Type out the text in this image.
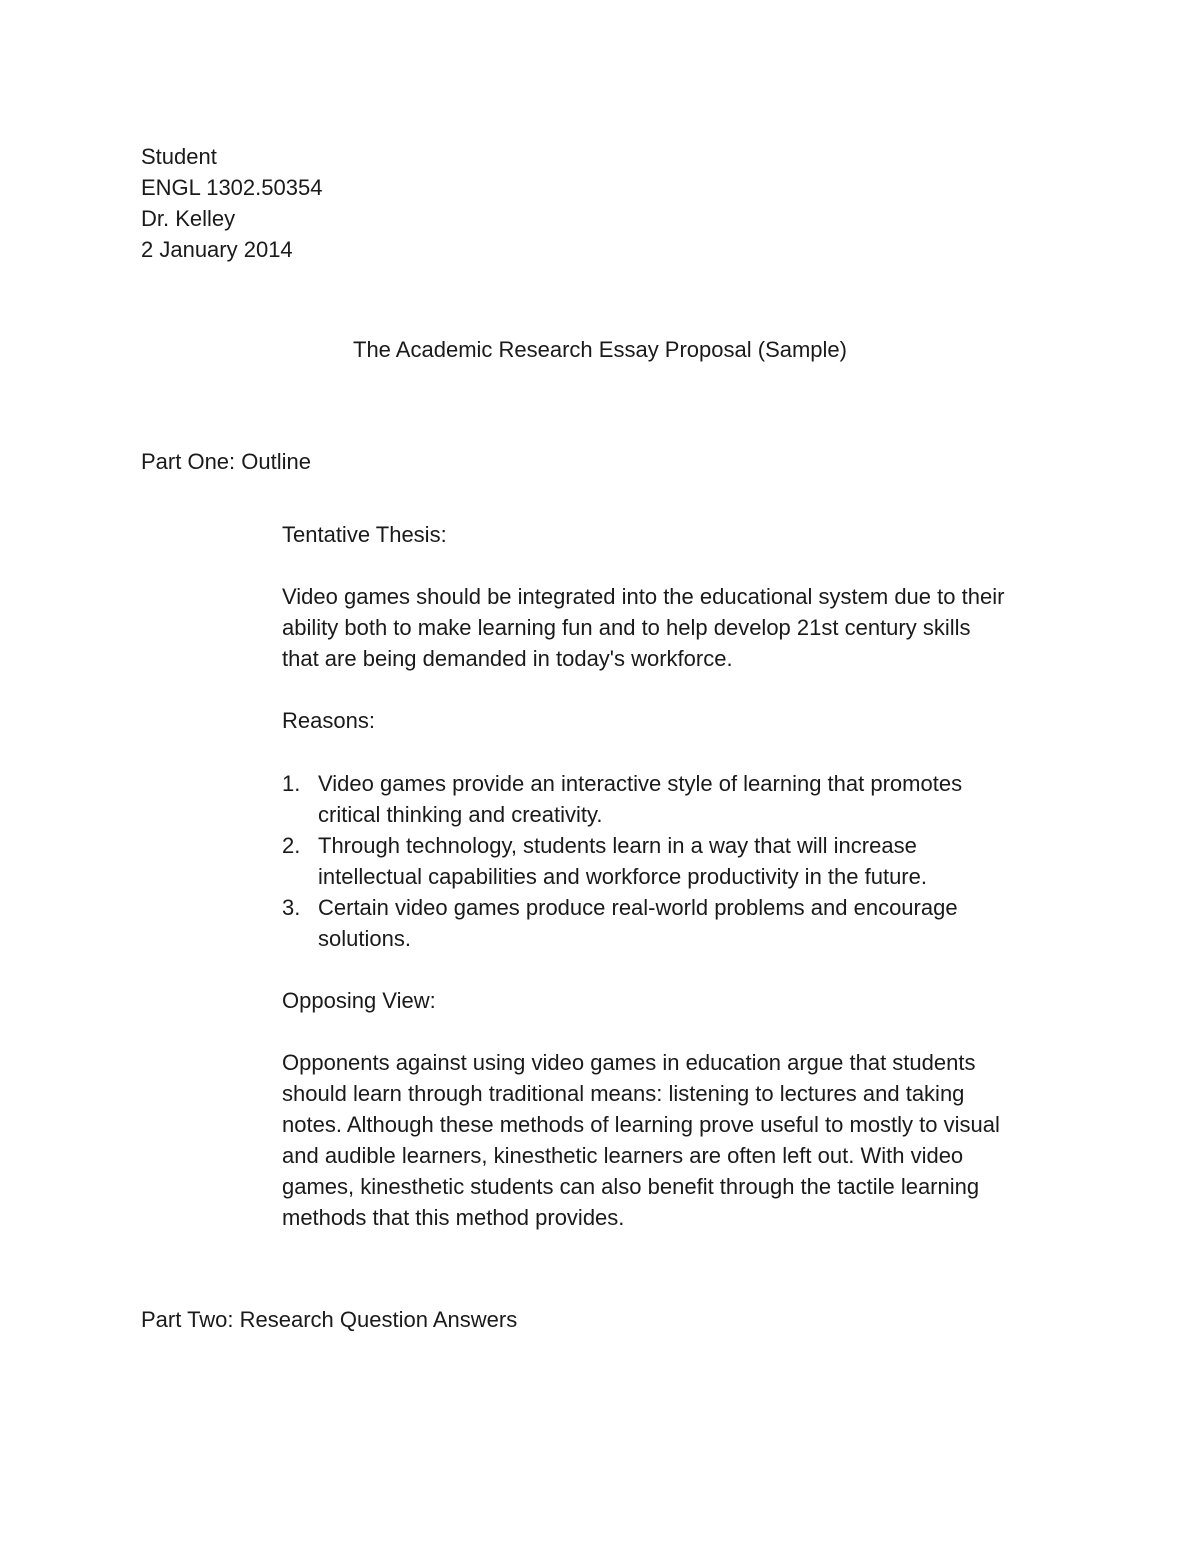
Student
ENGL 1302.50354
Dr. Kelley
2 January 2014
The Academic Research Essay Proposal (Sample)
Part One: Outline
Tentative Thesis:
Video games should be integrated into the educational system due to their
ability both to make learning fun and to help develop 21st century skills
that are being demanded in today's workforce.
Reasons:
1. Video games provide an interactive style of learning that promotes
critical thinking and creativity.
2. Through technology, students learn in a way that will increase
intellectual capabilities and workforce productivity in the future.
3. Certain video games produce real-world problems and encourage
solutions.
Opposing View:
Opponents against using video games in education argue that students
should learn through traditional means: listening to lectures and taking
notes. Although these methods of learning prove useful to mostly to visual
and audible learners, kinesthetic learners are often left out. With video
games, kinesthetic students can also benefit through the tactile learning
methods that this method provides.
Part Two: Research Question Answers
